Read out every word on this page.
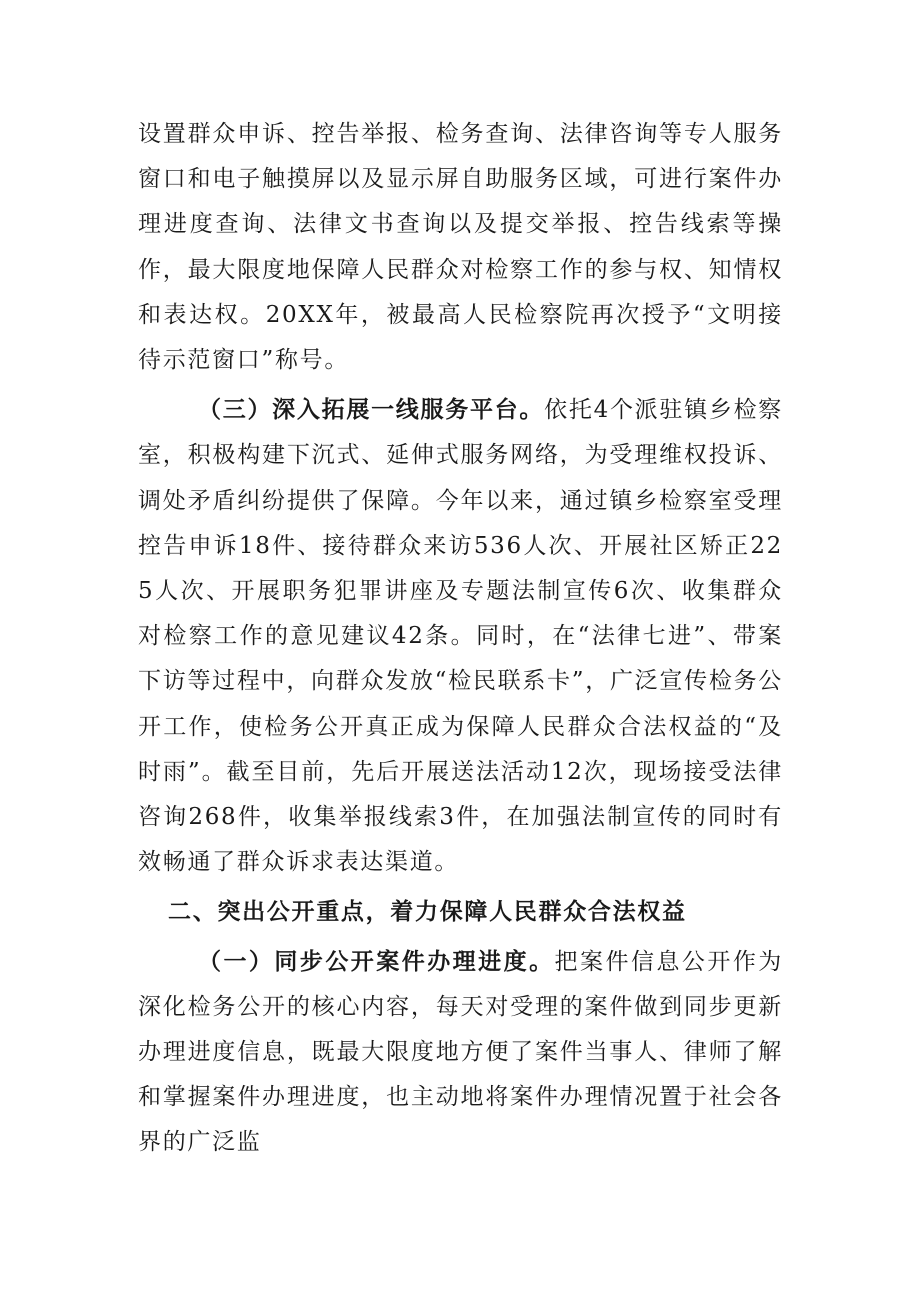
设置群众申诉、控告举报、检务查询、法律咨询等专人服务窗口和电子触摸屏以及显示屏自助服务区域，可进行案件办理进度查询、法律文书查询以及提交举报、控告线索等操作，最大限度地保障人民群众对检察工作的参与权、知情权和表达权。20XX年，被最高人民检察院再次授予“文明接待示范窗口”称号。

（三）深入拓展一线服务平台。依托4个派驻镇乡检察室，积极构建下沉式、延伸式服务网络，为受理维权投诉、调处矛盾纠纷提供了保障。今年以来，通过镇乡检察室受理控告申诉18件、接待群众来访536人次、开展社区矫正225人次、开展职务犯罪讲座及专题法制宣传6次、收集群众对检察工作的意见建议42条。同时，在“法律七进”、带案下访等过程中，向群众发放“检民联系卡”，广泛宣传检务公开工作，使检务公开真正成为保障人民群众合法权益的“及时雨”。截至目前，先后开展送法活动12次，现场接受法律咨询268件，收集举报线索3件，在加强法制宣传的同时有效畅通了群众诉求表达渠道。

二、突出公开重点，着力保障人民群众合法权益

（一）同步公开案件办理进度。把案件信息公开作为深化检务公开的核心内容，每天对受理的案件做到同步更新办理进度信息，既最大限度地方便了案件当事人、律师了解和掌握案件办理进度，也主动地将案件办理情况置于社会各界的广泛监
